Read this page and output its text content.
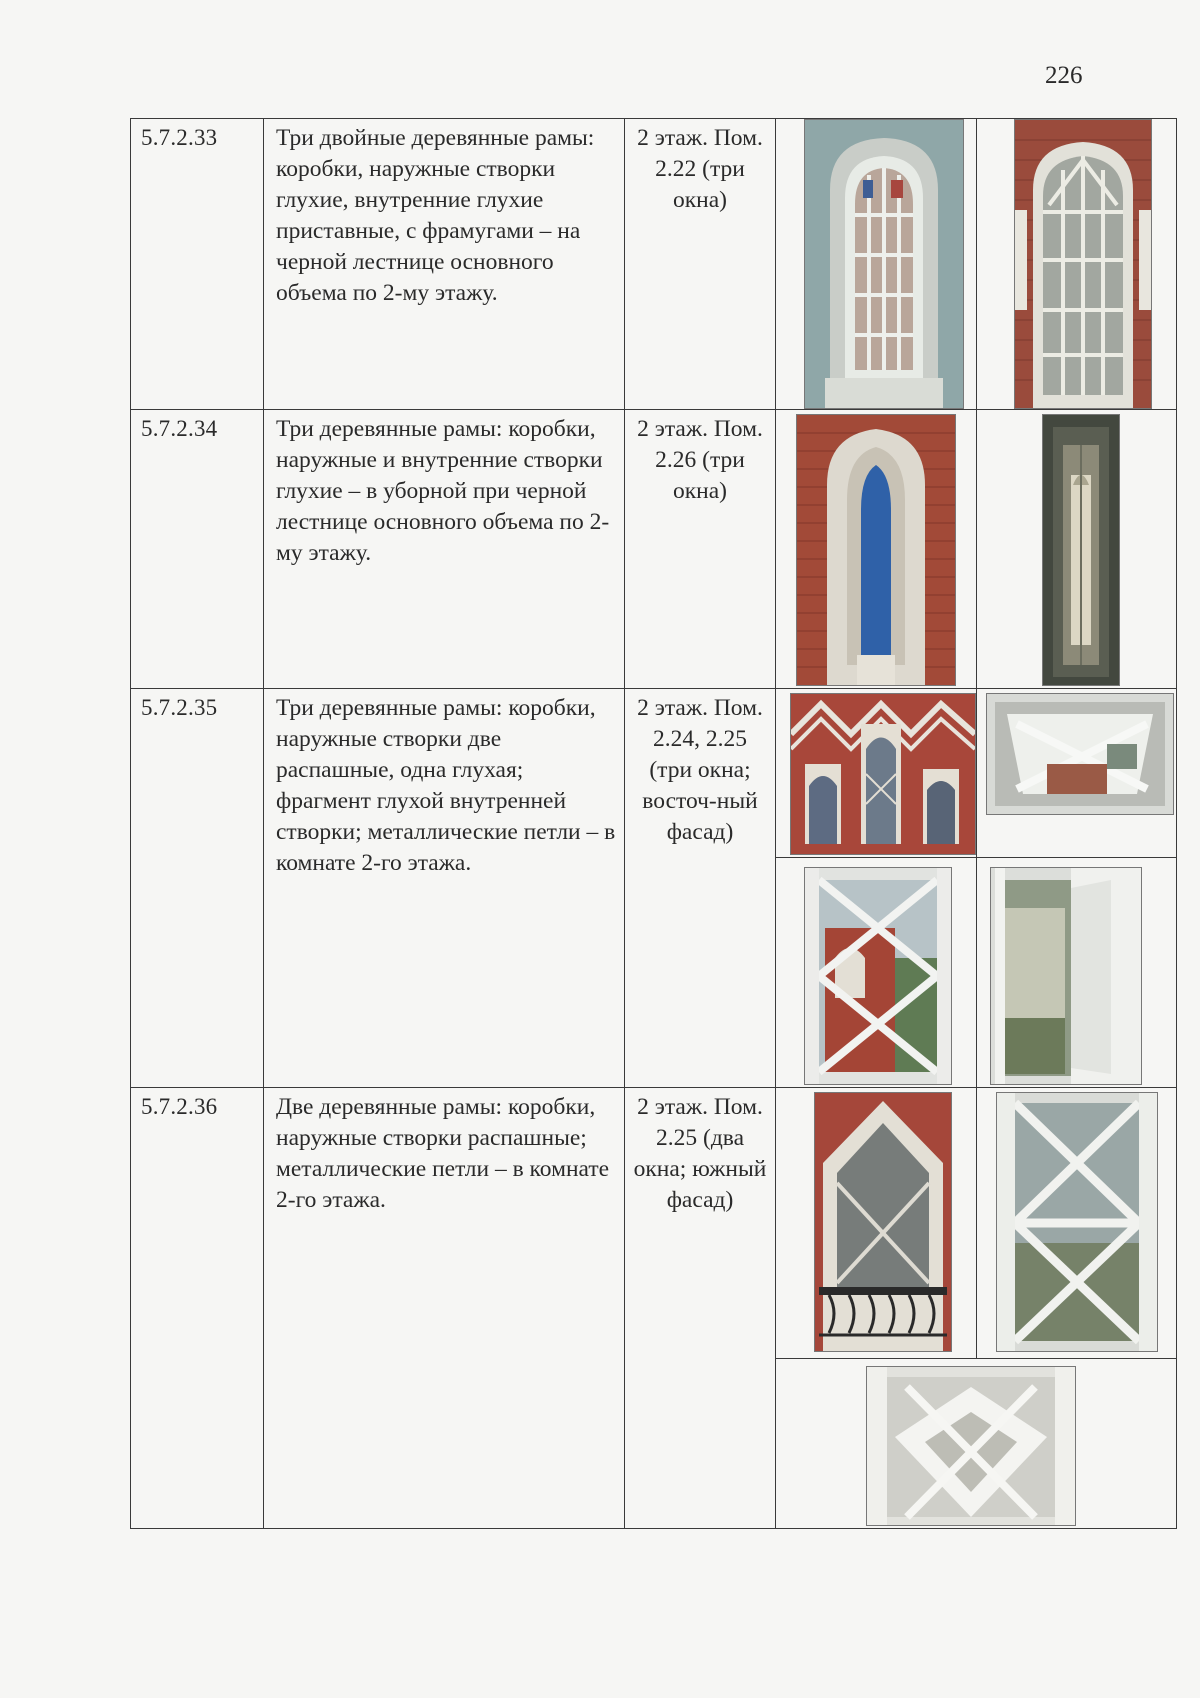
226
5.7.2.33	Три двойные деревянные рамы: коробки, наружные створки глухие, внутренние глухие приставные, с фрамугами – на черной лестнице основного объема по 2-му этажу.	2 этаж. Пом. 2.22 (три окна)	

5.7.2.34	Три деревянные рамы: коробки, наружные и внутренние створки глухие – в уборной при черной лестнице основного объема по 2-му этажу.	2 этаж. Пом. 2.26 (три окна)	

5.7.2.35	Три деревянные рамы: коробки, наружные створки две распашные, одна глухая; фрагмент глухой внутренней створки; металлические петли – в комнате 2-го этажа.	2 этаж. Пом. 2.24, 2.25 (три окна; восточ-ный фасад)	

5.7.2.36	Две деревянные рамы: коробки, наружные створки распашные; металлические петли – в комнате 2-го этажа.	2 этаж. Пом. 2.25 (два окна; южный фасад)	
